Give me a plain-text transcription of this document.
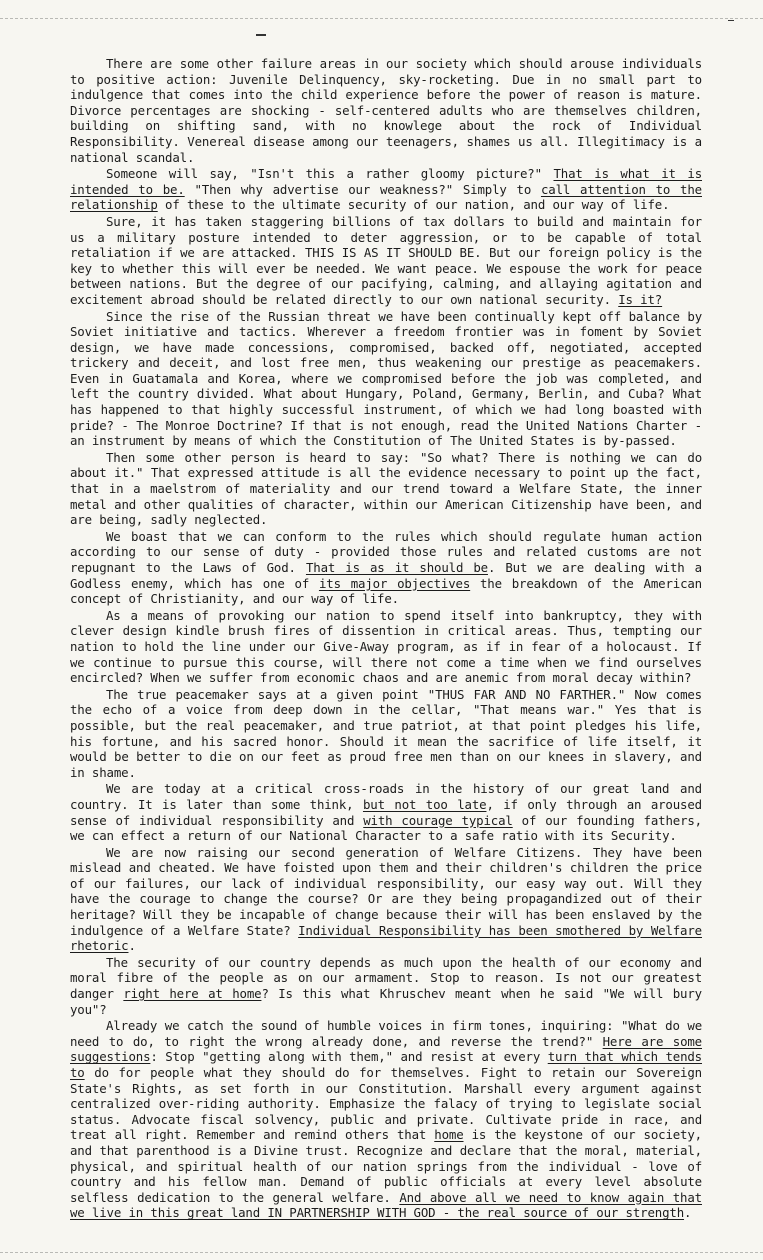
There are some other failure areas in our society which should arouse individuals to positive action: Juvenile Delinquency, sky-rocketing. Due in no small part to indulgence that comes into the child experience before the power of reason is mature. Divorce percentages are shocking - self-centered adults who are themselves children, building on shifting sand, with no knowlege about the rock of Individual Responsibility. Venereal disease among our teenagers, shames us all. Illegitimacy is a national scandal.

Someone will say, "Isn't this a rather gloomy picture?" That is what it is intended to be. "Then why advertise our weakness?" Simply to call attention to the relationship of these to the ultimate security of our nation, and our way of life.

Sure, it has taken staggering billions of tax dollars to build and maintain for us a military posture intended to deter aggression, or to be capable of total retaliation if we are attacked. THIS IS AS IT SHOULD BE. But our foreign policy is the key to whether this will ever be needed. We want peace. We espouse the work for peace between nations. But the degree of our pacifying, calming, and allaying agitation and excitement abroad should be related directly to our own national security. Is it?

Since the rise of the Russian threat we have been continually kept off balance by Soviet initiative and tactics. Wherever a freedom frontier was in foment by Soviet design, we have made concessions, compromised, backed off, negotiated, accepted trickery and deceit, and lost free men, thus weakening our prestige as peacemakers. Even in Guatamala and Korea, where we compromised before the job was completed, and left the country divided. What about Hungary, Poland, Germany, Berlin, and Cuba? What has happened to that highly successful instrument, of which we had long boasted with pride? - The Monroe Doctrine? If that is not enough, read the United Nations Charter - an instrument by means of which the Constitution of The United States is by-passed.

Then some other person is heard to say: "So what? There is nothing we can do about it." That expressed attitude is all the evidence necessary to point up the fact, that in a maelstrom of materiality and our trend toward a Welfare State, the inner metal and other qualities of character, within our American Citizenship have been, and are being, sadly neglected.

We boast that we can conform to the rules which should regulate human action according to our sense of duty - provided those rules and related customs are not repugnant to the Laws of God. That is as it should be. But we are dealing with a Godless enemy, which has one of its major objectives the breakdown of the American concept of Christianity, and our way of life.

As a means of provoking our nation to spend itself into bankruptcy, they with clever design kindle brush fires of dissention in critical areas. Thus, tempting our nation to hold the line under our Give-Away program, as if in fear of a holocaust. If we continue to pursue this course, will there not come a time when we find ourselves encircled? When we suffer from economic chaos and are anemic from moral decay within?

The true peacemaker says at a given point "THUS FAR AND NO FARTHER." Now comes the echo of a voice from deep down in the cellar, "That means war." Yes that is possible, but the real peacemaker, and true patriot, at that point pledges his life, his fortune, and his sacred honor. Should it mean the sacrifice of life itself, it would be better to die on our feet as proud free men than on our knees in slavery, and in shame.

We are today at a critical cross-roads in the history of our great land and country. It is later than some think, but not too late, if only through an aroused sense of individual responsibility and with courage typical of our founding fathers, we can effect a return of our National Character to a safe ratio with its Security.

We are now raising our second generation of Welfare Citizens. They have been mislead and cheated. We have foisted upon them and their children's children the price of our failures, our lack of individual responsibility, our easy way out. Will they have the courage to change the course? Or are they being propagandized out of their heritage? Will they be incapable of change because their will has been enslaved by the indulgence of a Welfare State? Individual Responsibility has been smothered by Welfare rhetoric.

The security of our country depends as much upon the health of our economy and moral fibre of the people as on our armament. Stop to reason. Is not our greatest danger right here at home? Is this what Khruschev meant when he said "We will bury you"?

Already we catch the sound of humble voices in firm tones, inquiring: "What do we need to do, to right the wrong already done, and reverse the trend?" Here are some suggestions: Stop "getting along with them," and resist at every turn that which tends to do for people what they should do for themselves. Fight to retain our Sovereign State's Rights, as set forth in our Constitution. Marshall every argument against centralized over-riding authority. Emphasize the falacy of trying to legislate social status. Advocate fiscal solvency, public and private. Cultivate pride in race, and treat all right. Remember and remind others that home is the keystone of our society, and that parenthood is a Divine trust. Recognize and declare that the moral, material, physical, and spiritual health of our nation springs from the individual - love of country and his fellow man. Demand of public officials at every level absolute selfless dedication to the general welfare. And above all we need to know again that we live in this great land IN PARTNERSHIP WITH GOD - the real source of our strength.
